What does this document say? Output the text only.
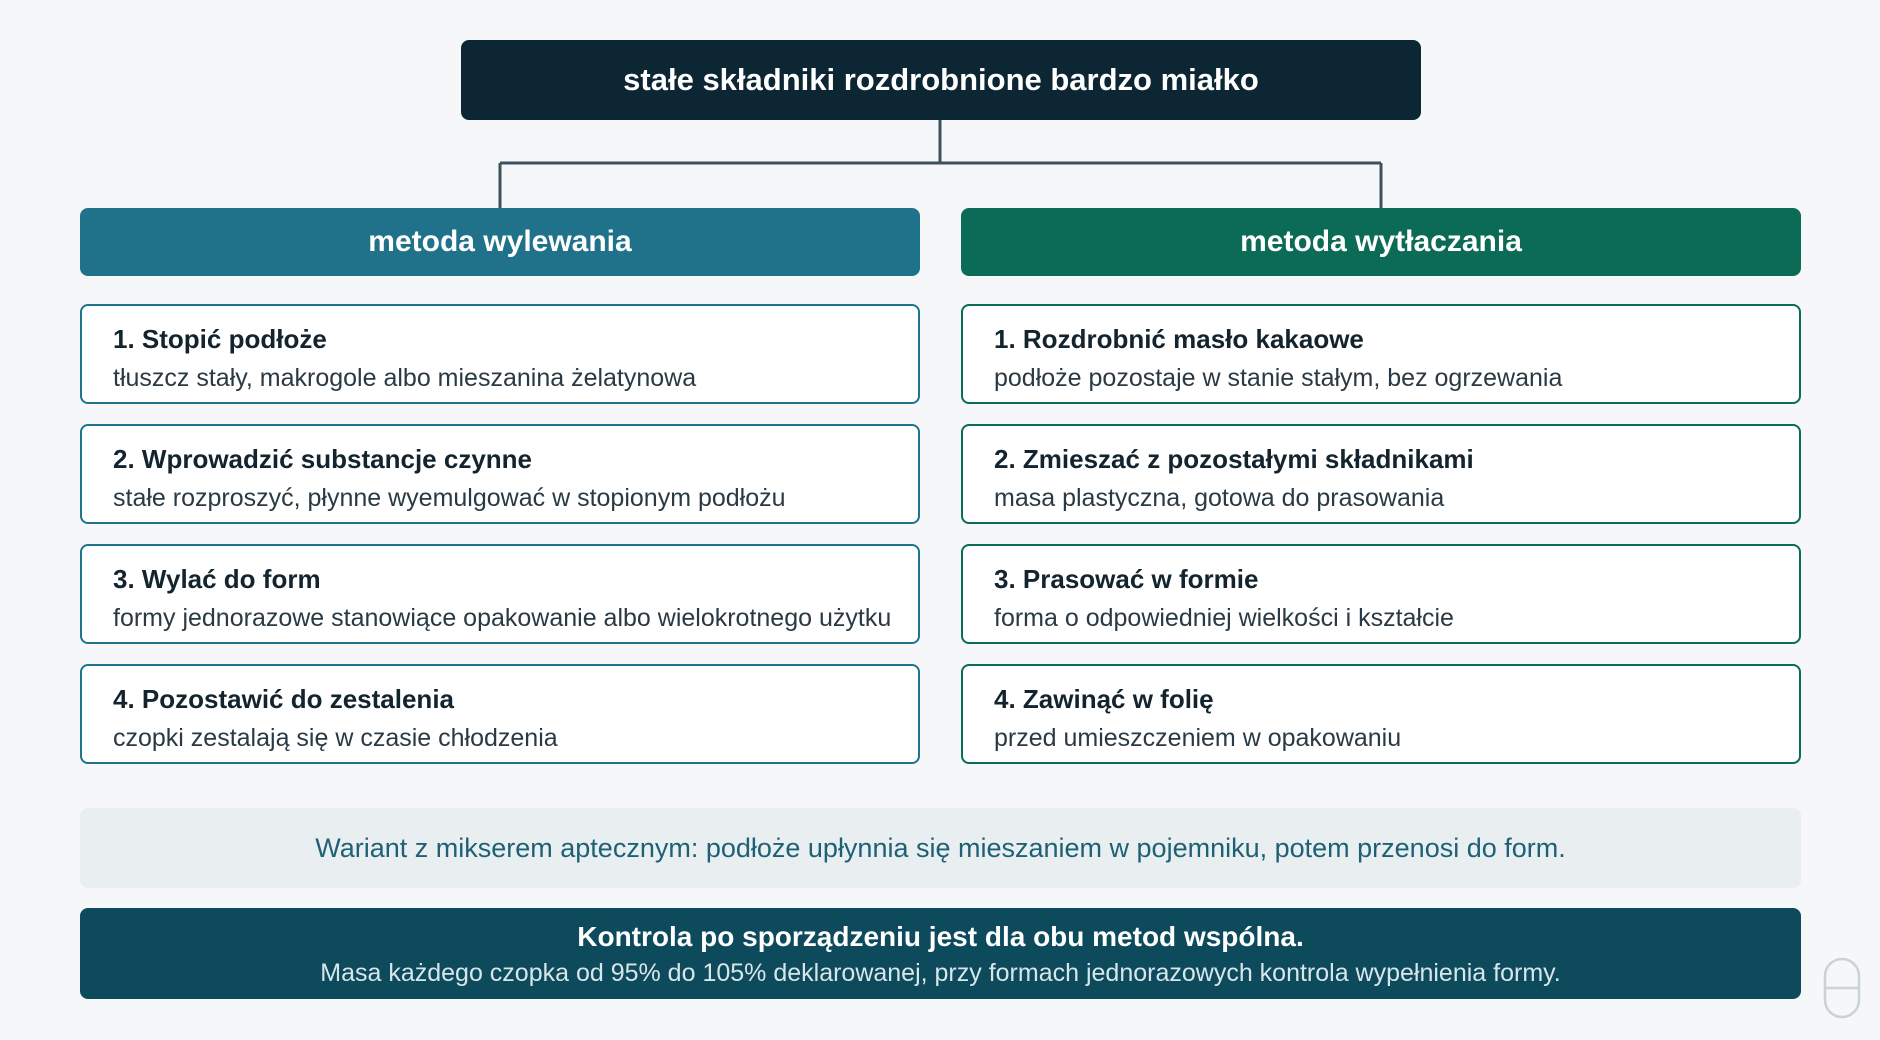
stałe składniki rozdrobnione bardzo miałko
metoda wylewania	metoda wytłaczania
1. Stopić podłoże
tłuszcz stały, makrogole albo mieszanina żelatynowa
2. Wprowadzić substancje czynne
stałe rozproszyć, płynne wyemulgować w stopionym podłożu
3. Wylać do form
formy jednorazowe stanowiące opakowanie albo wielokrotnego użytku
4. Pozostawić do zestalenia
czopki zestalają się w czasie chłodzenia
1. Rozdrobnić masło kakaowe
podłoże pozostaje w stanie stałym, bez ogrzewania
2. Zmieszać z pozostałymi składnikami
masa plastyczna, gotowa do prasowania
3. Prasować w formie
forma o odpowiedniej wielkości i kształcie
4. Zawinąć w folię
przed umieszczeniem w opakowaniu
Wariant z mikserem aptecznym: podłoże upłynnia się mieszaniem w pojemniku, potem przenosi do form.
Kontrola po sporządzeniu jest dla obu metod wspólna.
Masa każdego czopka od 95% do 105% deklarowanej, przy formach jednorazowych kontrola wypełnienia formy.
